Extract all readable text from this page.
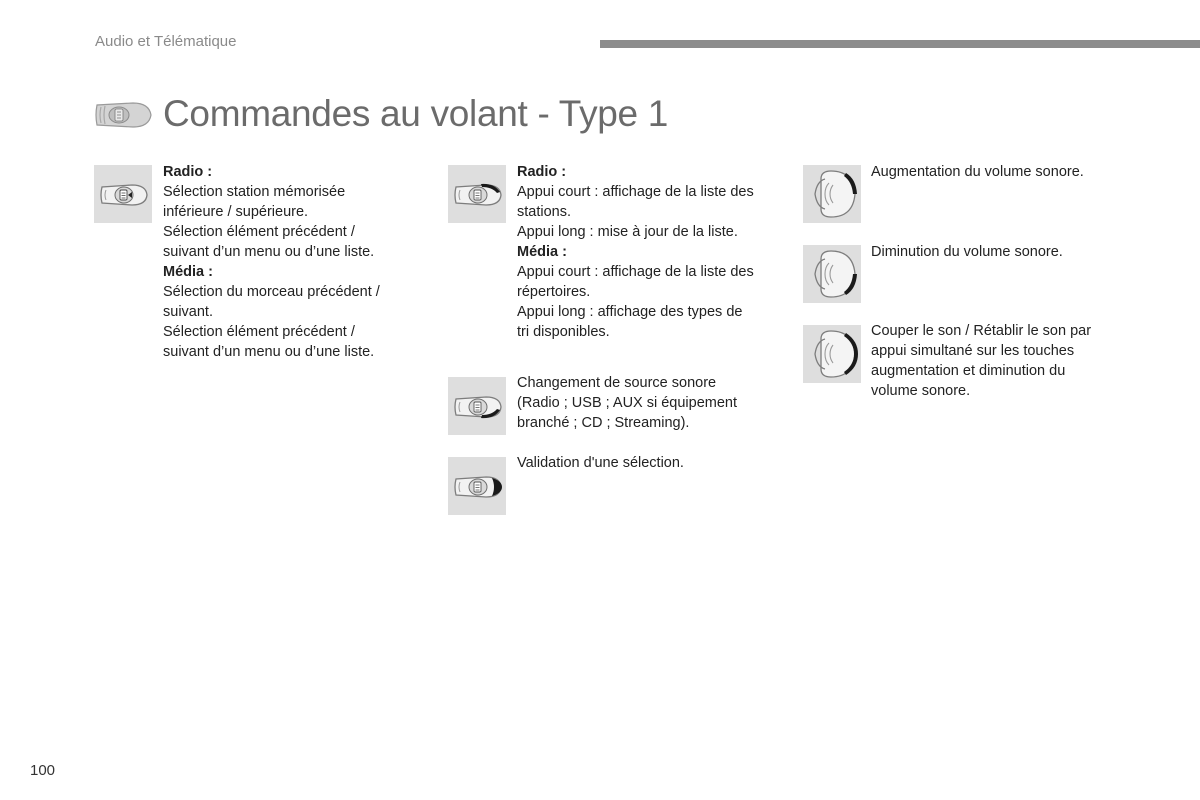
Audio et Télématique
Commandes au volant - Type 1
Radio :
Sélection station mémorisée
inférieure / supérieure.
Sélection élément précédent /
suivant d’un menu ou d’une liste.
Média :
Sélection du morceau précédent /
suivant.
Sélection élément précédent /
suivant d’un menu ou d’une liste.
Radio :
Appui court : affichage de la liste des
stations.
Appui long : mise à jour de la liste.
Média :
Appui court : affichage de la liste des
répertoires.
Appui long : affichage des types de
tri disponibles.
Changement de source sonore
(Radio ; USB ; AUX si équipement
branché ; CD ; Streaming).
Validation d'une sélection.
Augmentation du volume sonore.
Diminution du volume sonore.
Couper le son / Rétablir le son par
appui simultané sur les touches
augmentation et diminution du
volume sonore.
100
